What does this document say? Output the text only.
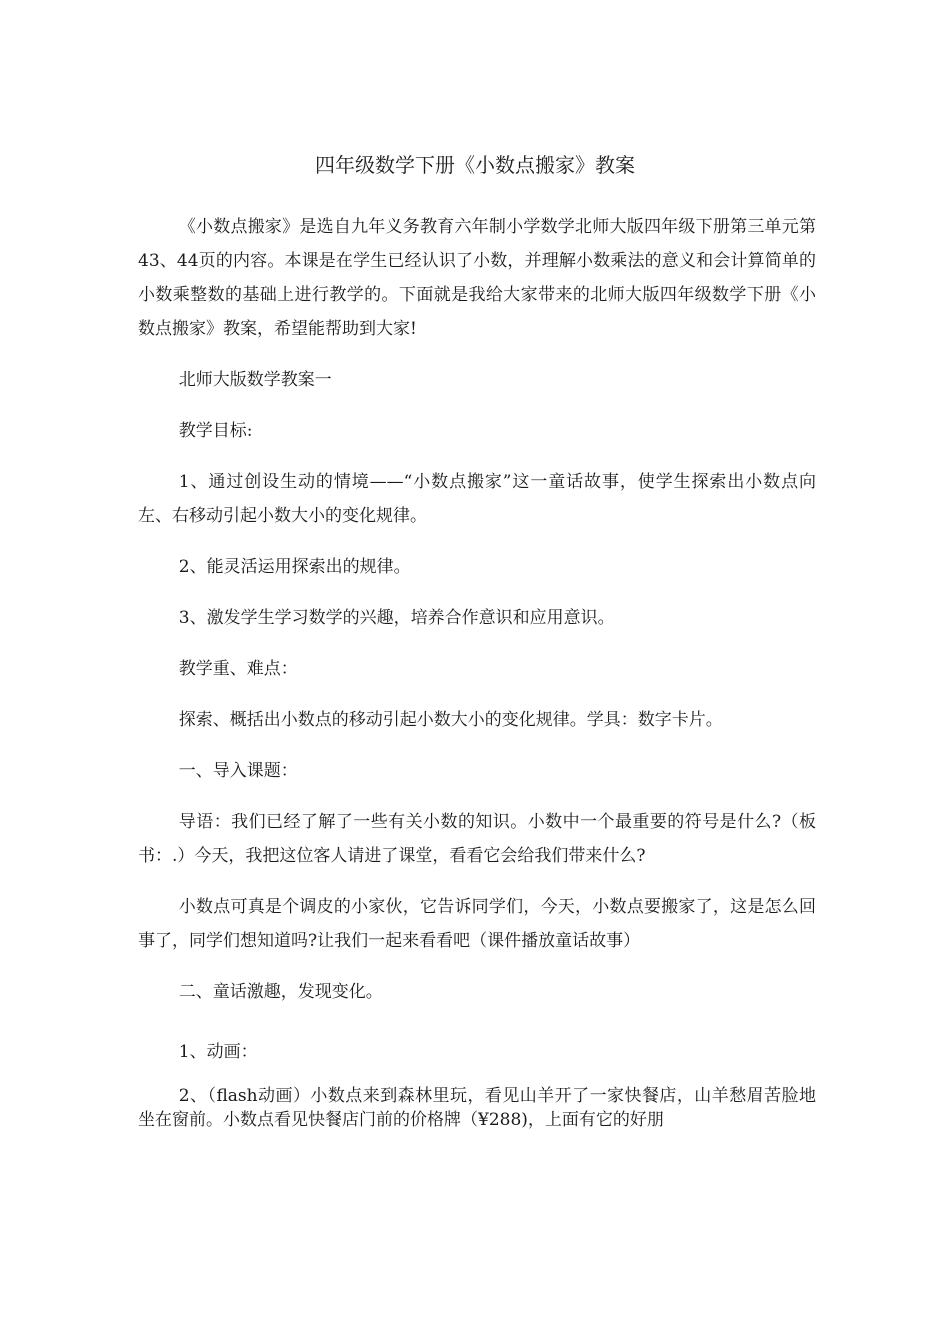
四年级数学下册《小数点搬家》教案

《小数点搬家》是选自九年义务教育六年制小学数学北师大版四年级下册第三单元第43、44页的内容。本课是在学生已经认识了小数，并理解小数乘法的意义和会计算简单的小数乘整数的基础上进行教学的。下面就是我给大家带来的北师大版四年级数学下册《小数点搬家》教案，希望能帮助到大家!

北师大版数学教案一

教学目标:

1、通过创设生动的情境——“小数点搬家”这一童话故事，使学生探索出小数点向左、右移动引起小数大小的变化规律。

2、能灵活运用探索出的规律。

3、激发学生学习数学的兴趣，培养合作意识和应用意识。

教学重、难点：

探索、概括出小数点的移动引起小数大小的变化规律。学具：数字卡片。

一、导入课题：

导语：我们已经了解了一些有关小数的知识。小数中一个最重要的符号是什么?（板书：.）今天，我把这位客人请进了课堂，看看它会给我们带来什么?

小数点可真是个调皮的小家伙，它告诉同学们，今天，小数点要搬家了，这是怎么回事了，同学们想知道吗?让我们一起来看看吧（课件播放童话故事）

二、童话激趣，发现变化。

1、动画：

2、（flash动画）小数点来到森林里玩，看见山羊开了一家快餐店，山羊愁眉苦脸地坐在窗前。小数点看见快餐店门前的价格牌（¥288)，上面有它的好朋
